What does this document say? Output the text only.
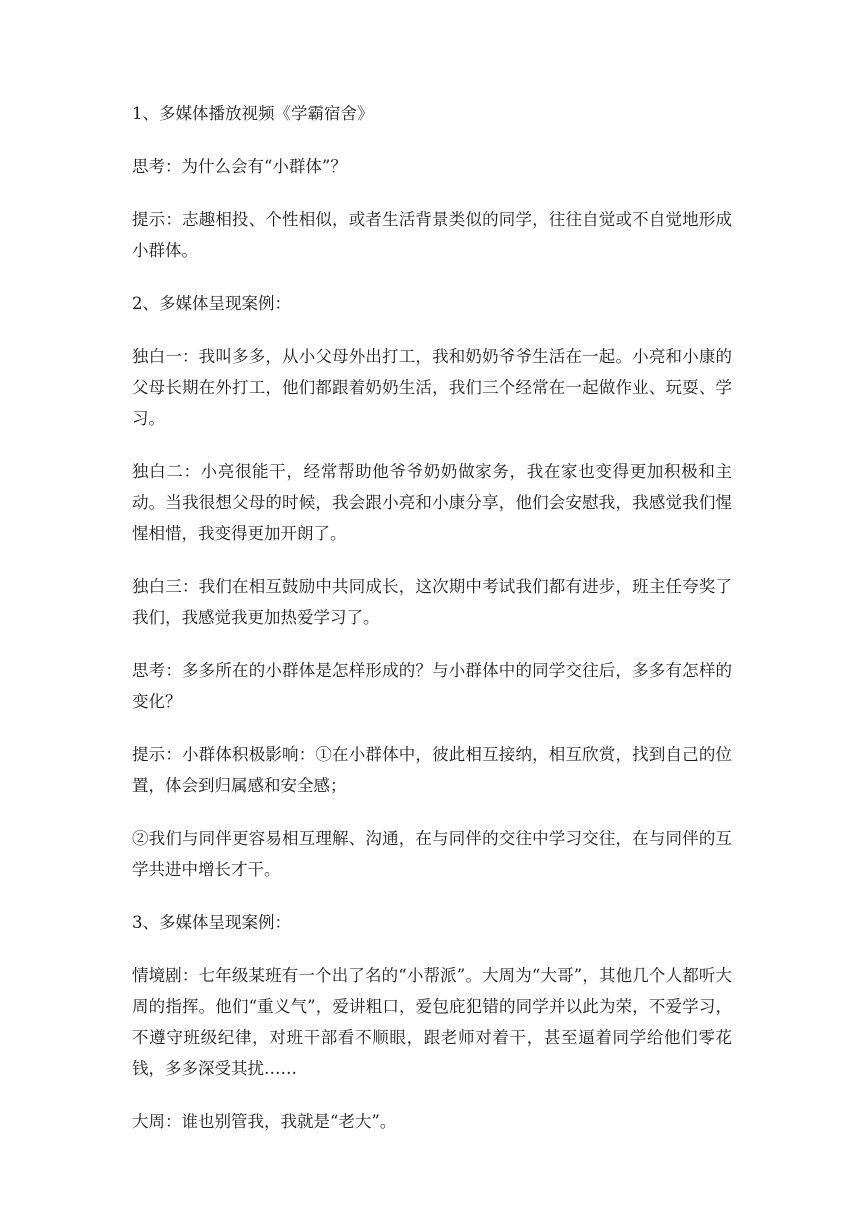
1、多媒体播放视频《学霸宿舍》

思考：为什么会有“小群体”？

提示：志趣相投、个性相似，或者生活背景类似的同学，往往自觉或不自觉地形成小群体。

2、多媒体呈现案例：

独白一：我叫多多，从小父母外出打工，我和奶奶爷爷生活在一起。小亮和小康的父母长期在外打工，他们都跟着奶奶生活，我们三个经常在一起做作业、玩耍、学习。

独白二：小亮很能干，经常帮助他爷爷奶奶做家务，我在家也变得更加积极和主动。当我很想父母的时候，我会跟小亮和小康分享，他们会安慰我，我感觉我们惺惺相惜，我变得更加开朗了。

独白三：我们在相互鼓励中共同成长，这次期中考试我们都有进步，班主任夸奖了我们，我感觉我更加热爱学习了。

思考：多多所在的小群体是怎样形成的？与小群体中的同学交往后，多多有怎样的变化？

提示：小群体积极影响：①在小群体中，彼此相互接纳，相互欣赏，找到自己的位置，体会到归属感和安全感；

②我们与同伴更容易相互理解、沟通，在与同伴的交往中学习交往，在与同伴的互学共进中增长才干。

3、多媒体呈现案例：

情境剧：七年级某班有一个出了名的“小帮派”。大周为“大哥”，其他几个人都听大周的指挥。他们“重义气”，爱讲粗口，爱包庇犯错的同学并以此为荣，不爱学习，不遵守班级纪律，对班干部看不顺眼，跟老师对着干，甚至逼着同学给他们零花钱，多多深受其扰……

大周：谁也别管我，我就是“老大”。
